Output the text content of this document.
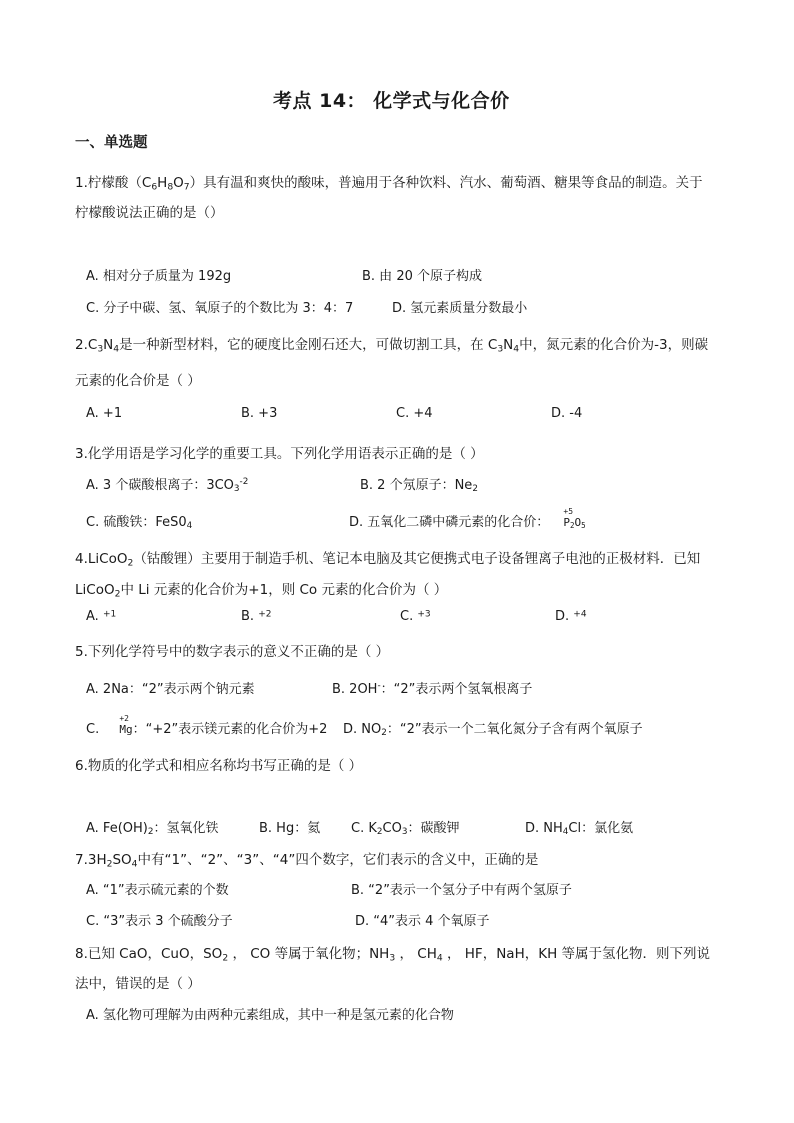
考点 14： 化学式与化合价
一、单选题
1.柠檬酸$(C_6H_8O_7)$具有温和爽快的酸味，普遍用于各种饮料、汽水、葡萄酒、糖果等食品的制造。关于
柠檬酸说法正确的是（）
A. 相对分子质量为 192g	B. 由 20 个原子构成
C. 分子中碳、氢、氧原子的个数比为 3：4：7	D. 氢元素质量分数最小
$2.C_3N_4$是一种新型材料，它的硬度比金刚石还大，可做切割工具，在 $C_3N_4$中，氮元素的化合价为-3，则碳
元素的化合价是（ ）
A. +1	B. +3	C. +4	D. -4
3.化学用语是学习化学的重要工具。下列化学用语表示正确的是（ ）
A. 3 个碳酸根离子：$3CO_3^{-2}$	B. 2 个氖原子：$Ne_2$
C. 硫酸铁：$FeS0_4$	D. 五氧化二磷中磷元素的化合价：
+5
$P_2O_5$
4.LiCoO$_2$（钴酸锂）主要用于制造手机、笔记本电脑及其它便携式电子设备锂离子电池的正极材料．已知
LiCoO$_2$中 Li 元素的化合价为+1，则 Co 元素的化合价为（ ）
A. $^{+1}$	B. $^{+2}$	C. $^{+3}$	D. $^{+4}$
5.下列化学符号中的数字表示的意义不正确的是（ ）
A. 2Na：“2”表示两个钠元素	B. 2OH-：“2”表示两个氢氧根离子
C.
+2
Mg：“+2”表示镁元素的化合价为+2 D. $NO_2$：“2”表示一个二氧化氮分子含有两个氧原子
6.物质的化学式和相应名称均书写正确的是（ ）
A. $Fe(OH)_2$：氢氧化铁	B. Hg：氦 C. $K_2CO_3$：碳酸钾	D. $NH_4Cl$：氯化氨
$7.3H_2SO_4$中有“1”、“2”、“3”、“4”四个数字，它们表示的含义中，正确的是
A. “1”表示硫元素的个数	B. “2”表示一个氢分子中有两个氢原子
C. “3”表示 3 个硫酸分子	D. “4”表示 4 个氧原子
8.已知 CaO，CuO，$SO_2$ ， CO 等属于氧化物；$NH_3$ ， $CH_4$ ， HF，NaH，KH 等属于氢化物．则下列说
法中，错误的是（ ）
A. 氢化物可理解为由两种元素组成，其中一种是氢元素的化合物
